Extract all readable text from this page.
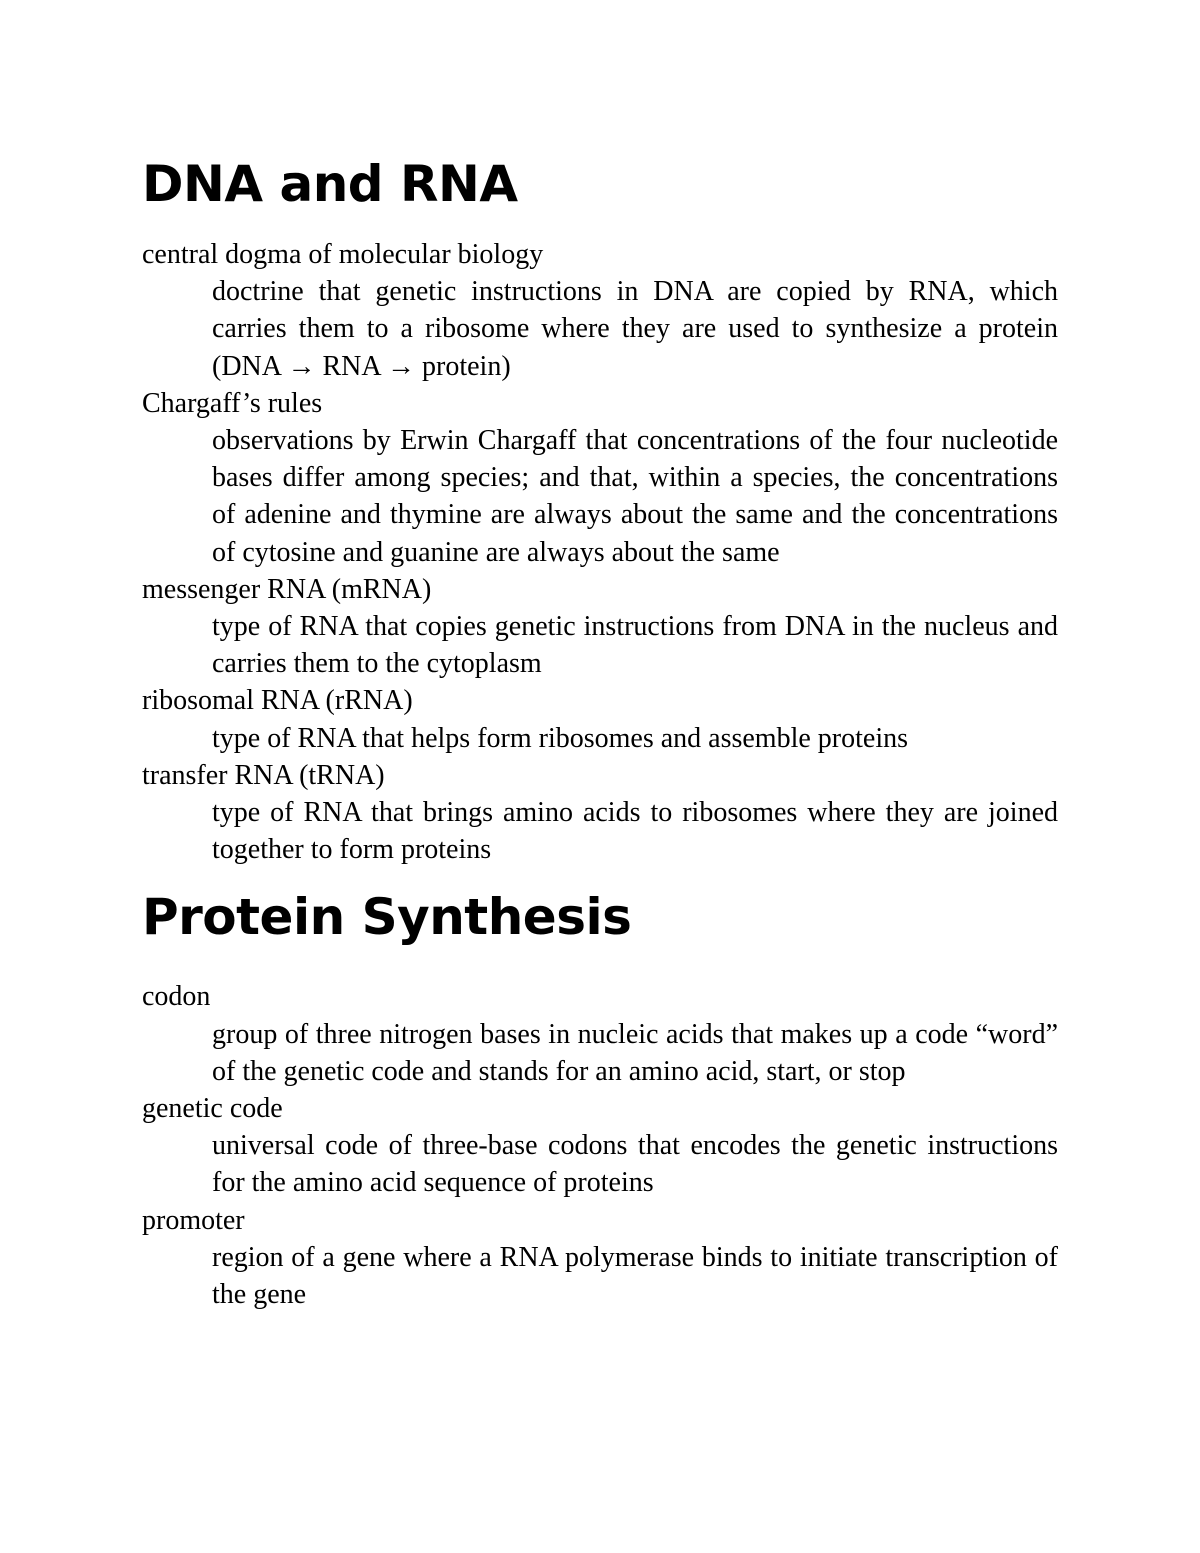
DNA and RNA

central dogma of molecular biology

doctrine that genetic instructions in DNA are copied by RNA, which carries them to a ribosome where they are used to synthesize a protein (DNA → RNA → protein)

Chargaff’s rules

observations by Erwin Chargaff that concentrations of the four nucleotide bases differ among species; and that, within a species, the concentrations of adenine and thymine are always about the same and the concentrations of cytosine and guanine are always about the same

messenger RNA (mRNA)

type of RNA that copies genetic instructions from DNA in the nucleus and carries them to the cytoplasm

ribosomal RNA (rRNA)

type of RNA that helps form ribosomes and assemble proteins

transfer RNA (tRNA)

type of RNA that brings amino acids to ribosomes where they are joined together to form proteins

Protein Synthesis

codon

group of three nitrogen bases in nucleic acids that makes up a code “word” of the genetic code and stands for an amino acid, start, or stop

genetic code

universal code of three-base codons that encodes the genetic instructions for the amino acid sequence of proteins

promoter

region of a gene where a RNA polymerase binds to initiate transcription of the gene
